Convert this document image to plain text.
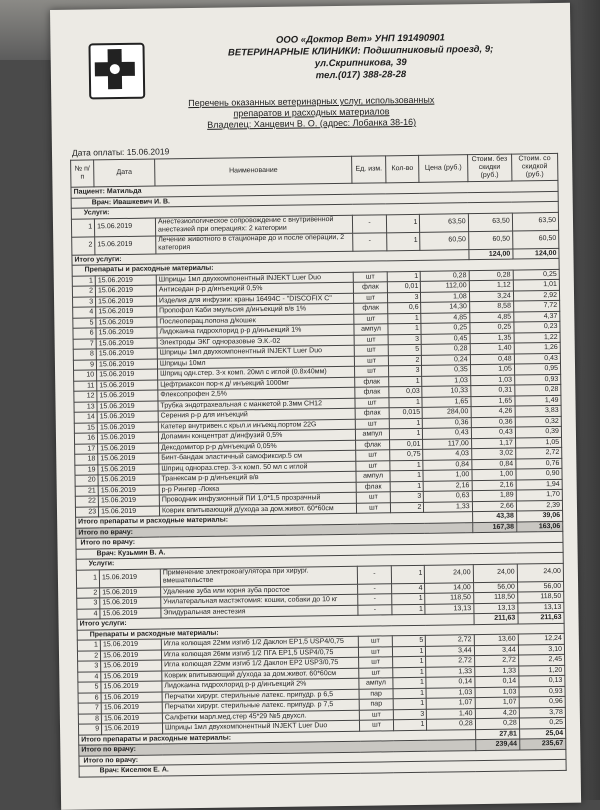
ООО «Доктор Вет» УНП 191490901
ВЕТЕРИНАРНЫЕ КЛИНИКИ: Подшипниковый проезд, 9;
ул.Скрипникова, 39
тел.(017) 388-28-28
Перечень оказанных ветеринарных услуг, использованных
препаратов и расходных материалов
Владелец: Ханцевич В. О. (адрес: Лобанка 38-16)
Дата оплаты: 15.06.2019
№ п/п	Дата	Наименование	Ед. изм.	Кол-во	Цена (руб.)	Стоим. без скидки (руб.)	Стоим. со скидкой (руб.)
Пациент: Матильда							
Врач: Ивашкевич И. В.							
Услуги:							
1	15.06.2019	Анестезиологическое сопровождение с внутривенной анестезией при операциях: 2 категории	-	1	63,50	63,50	63,50
2	15.06.2019	Лечение животного в стационаре до и после операции, 2 категория	-	1	60,50	60,50	60,50
Итого услуги:						124,00	124,00
Препараты и расходные материалы:							
1	15.06.2019	Шприцы 1мл двухкомпонентный INJEKT Luer Duo	шт	1	0,28	0,28	0,25
2	15.06.2019	Антиседан р-р д/инъекций 0,5%	флак	0,01	112,00	1,12	1,01
3	15.06.2019	Изделия для инфузии: краны 16494С - "DISCOFIX C"	шт	3	1,08	3,24	2,92
4	15.06.2019	Пропофол Каби эмульсия д/инъекций в/в 1%	флак	0,6	14,30	8,58	7,72
5	15.06.2019	Послеоперац.попона д/кошек	шт	1	4,85	4,85	4,37
6	15.06.2019	Лидокаина гидрохлорид р-р д/инъекций 1%	ампул	1	0,25	0,25	0,23
7	15.06.2019	Электроды ЭКГ одноразовые Э.К.-02	шт	3	0,45	1,35	1,22
8	15.06.2019	Шприцы 1мл двухкомпонентный INJEKT Luer Duo	шт	5	0,28	1,40	1,26
9	15.06.2019	Шприцы 10мл	шт	2	0,24	0,48	0,43
10	15.06.2019	Шприц одн.стер. 3-х комп. 20мл с иглой (0.8х40мм)	шт	3	0,35	1,05	0,95
11	15.06.2019	Цефтриаксон пор-к д/ инъекций 1000мг	флак	1	1,03	1,03	0,93
12	15.06.2019	Флексопрофен 2,5%	флак	0,03	10,33	0,31	0,28
13	15.06.2019	Трубка эндотрахеальная с манжетой р.3мм СН12	шт	1	1,65	1,65	1,49
14	15.06.2019	Серения р-р для инъекций	флак	0,015	284,00	4,26	3,83
15	15.06.2019	Катетер внутривен.с крыл.и инъекц.портом 22G	шт	1	0,36	0,36	0,32
16	15.06.2019	Допамин концентрат д/инфузий 0,5%	ампул	1	0,43	0,43	0,39
17	15.06.2019	Дексдомитор р-р д/инъекций 0,05%	флак	0,01	117,00	1,17	1,05
18	15.06.2019	Бинт-бандаж эластичный самофиксир.5 см	шт	0,75	4,03	3,02	2,72
19	15.06.2019	Шприц однораз.стер. 3-х комп. 50 мл с иглой	шт	1	0,84	0,84	0,76
20	15.06.2019	Транексам р-р д/инъекций в/в	ампул	1	1,00	1,00	0,90
21	15.06.2019	р-р Рингер -Локка	флак	1	2,16	2,16	1,94
22	15.06.2019	Проводник инфузионный ПИ 1,0*1,5 прозрачный	шт	3	0,63	1,89	1,70
23	15.06.2019	Коврик впитывающий д/ухода за дом.живот. 60*60см	шт	2	1,33	2,66	2,39
Итого препараты и расходные материалы:						43,38	39,06
Итого по врачу:						167,38	163,06
Итого по врачу:							
Врач: Кузьмин В. А.							
Услуги:							
1	15.06.2019	Применение электрокоагулятора при хирург. вмешательстве	-	1	24,00	24,00	24,00
2	15.06.2019	Удаление зуба или корня зуба простое	-	4	14,00	56,00	56,00
3	15.06.2019	Унилатеральная мастэктомия: кошки, собаки до 10 кг	-	1	118,50	118,50	118,50
4	15.06.2019	Эпидуральная анестезия	-	1	13,13	13,13	13,13
Итого услуги:						211,63	211,63
Препараты и расходные материалы:							
1	15.06.2019	Игла колющая 22мм изгиб 1/2 Даклон EP1,5 USP4/0,75	шт	5	2,72	13,60	12,24
2	15.06.2019	Игла колющая 26мм изгиб 1/2 ПГА EP1,5 USP4/0,75	шт	1	3,44	3,44	3,10
3	15.06.2019	Игла колющая 22мм изгиб 1/2 Даклон EP2 USP3/0,75	шт	1	2,72	2,72	2,45
4	15.06.2019	Коврик впитывающий д/ухода за дом.живот. 60*60см	шт	1	1,33	1,33	1,20
5	15.06.2019	Лидокаина гидрохлорид р-р д/инъекций 2%	ампул	1	0,14	0,14	0,13
6	15.06.2019	Перчатки хирург. стерильные латекс. припудр. р 6,5	пар	1	1,03	1,03	0,93
7	15.06.2019	Перчатки хирург. стерильные латекс. припудр. р 7,5	пар	1	1,07	1,07	0,96
8	15.06.2019	Салфетки марл.мед.стер 45*29 №5 двухсл.	шт	3	1,40	4,20	3,78
9	15.06.2019	Шприцы 1мл двухкомпонентный INJEKT Luer Duo	шт	1	0,28	0,28	0,25
Итого препараты и расходные материалы:						27,81	25,04
Итого по врачу:						239,44	235,67
Итого по врачу:							
Врач: Киселюк Е. А.							
